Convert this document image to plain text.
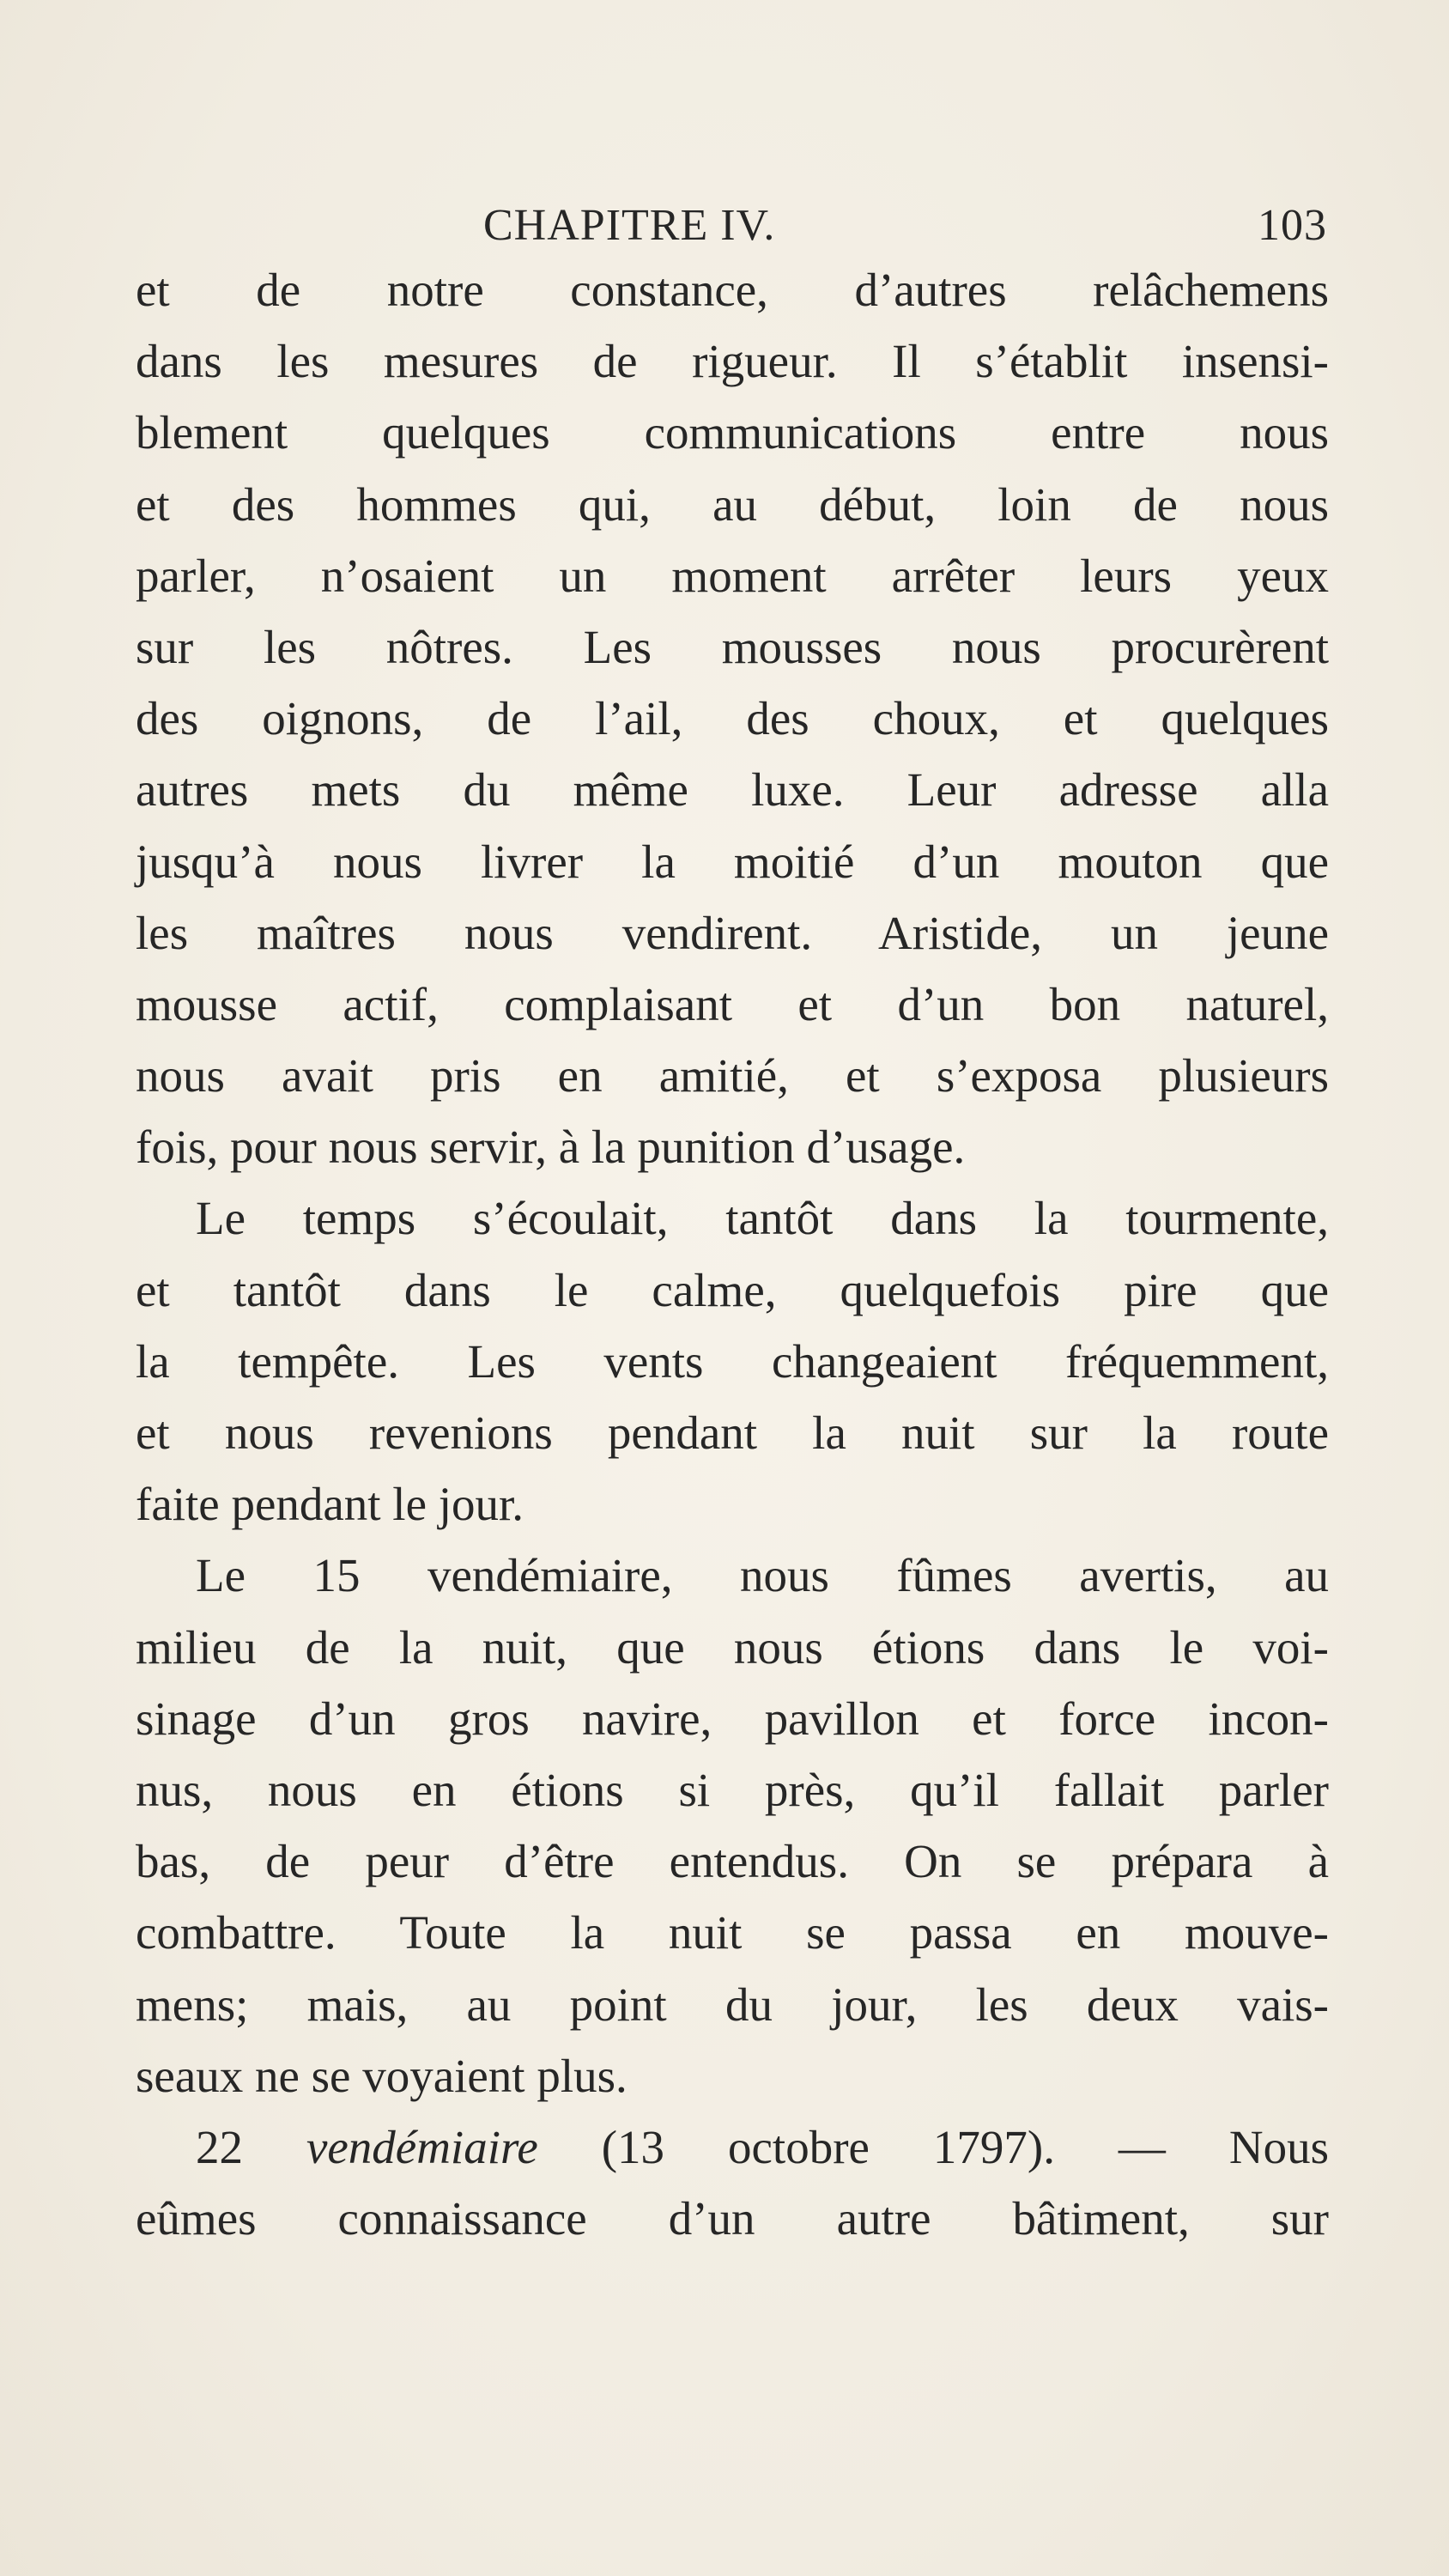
CHAPITRE IV.	103
et de notre constance, d’autres relâchemens
dans les mesures de rigueur. Il s’établit insensi-
blement quelques communications entre nous
et des hommes qui, au début, loin de nous
parler, n’osaient un moment arrêter leurs yeux
sur les nôtres. Les mousses nous procurèrent
des oignons, de l’ail, des choux, et quelques
autres mets du même luxe. Leur adresse alla
jusqu’à nous livrer la moitié d’un mouton que
les maîtres nous vendirent. Aristide, un jeune
mousse actif, complaisant et d’un bon naturel,
nous avait pris en amitié, et s’exposa plusieurs
fois, pour nous servir, à la punition d’usage.
Le temps s’écoulait, tantôt dans la tourmente,
et tantôt dans le calme, quelquefois pire que
la tempête. Les vents changeaient fréquemment,
et nous revenions pendant la nuit sur la route
faite pendant le jour.
Le 15 vendémiaire, nous fûmes avertis, au
milieu de la nuit, que nous étions dans le voi-
sinage d’un gros navire, pavillon et force incon-
nus, nous en étions si près, qu’il fallait parler
bas, de peur d’être entendus. On se prépara à
combattre. Toute la nuit se passa en mouve-
mens; mais, au point du jour, les deux vais-
seaux ne se voyaient plus.
22 vendémiaire (13 octobre 1797). — Nous
eûmes connaissance d’un autre bâtiment, sur
